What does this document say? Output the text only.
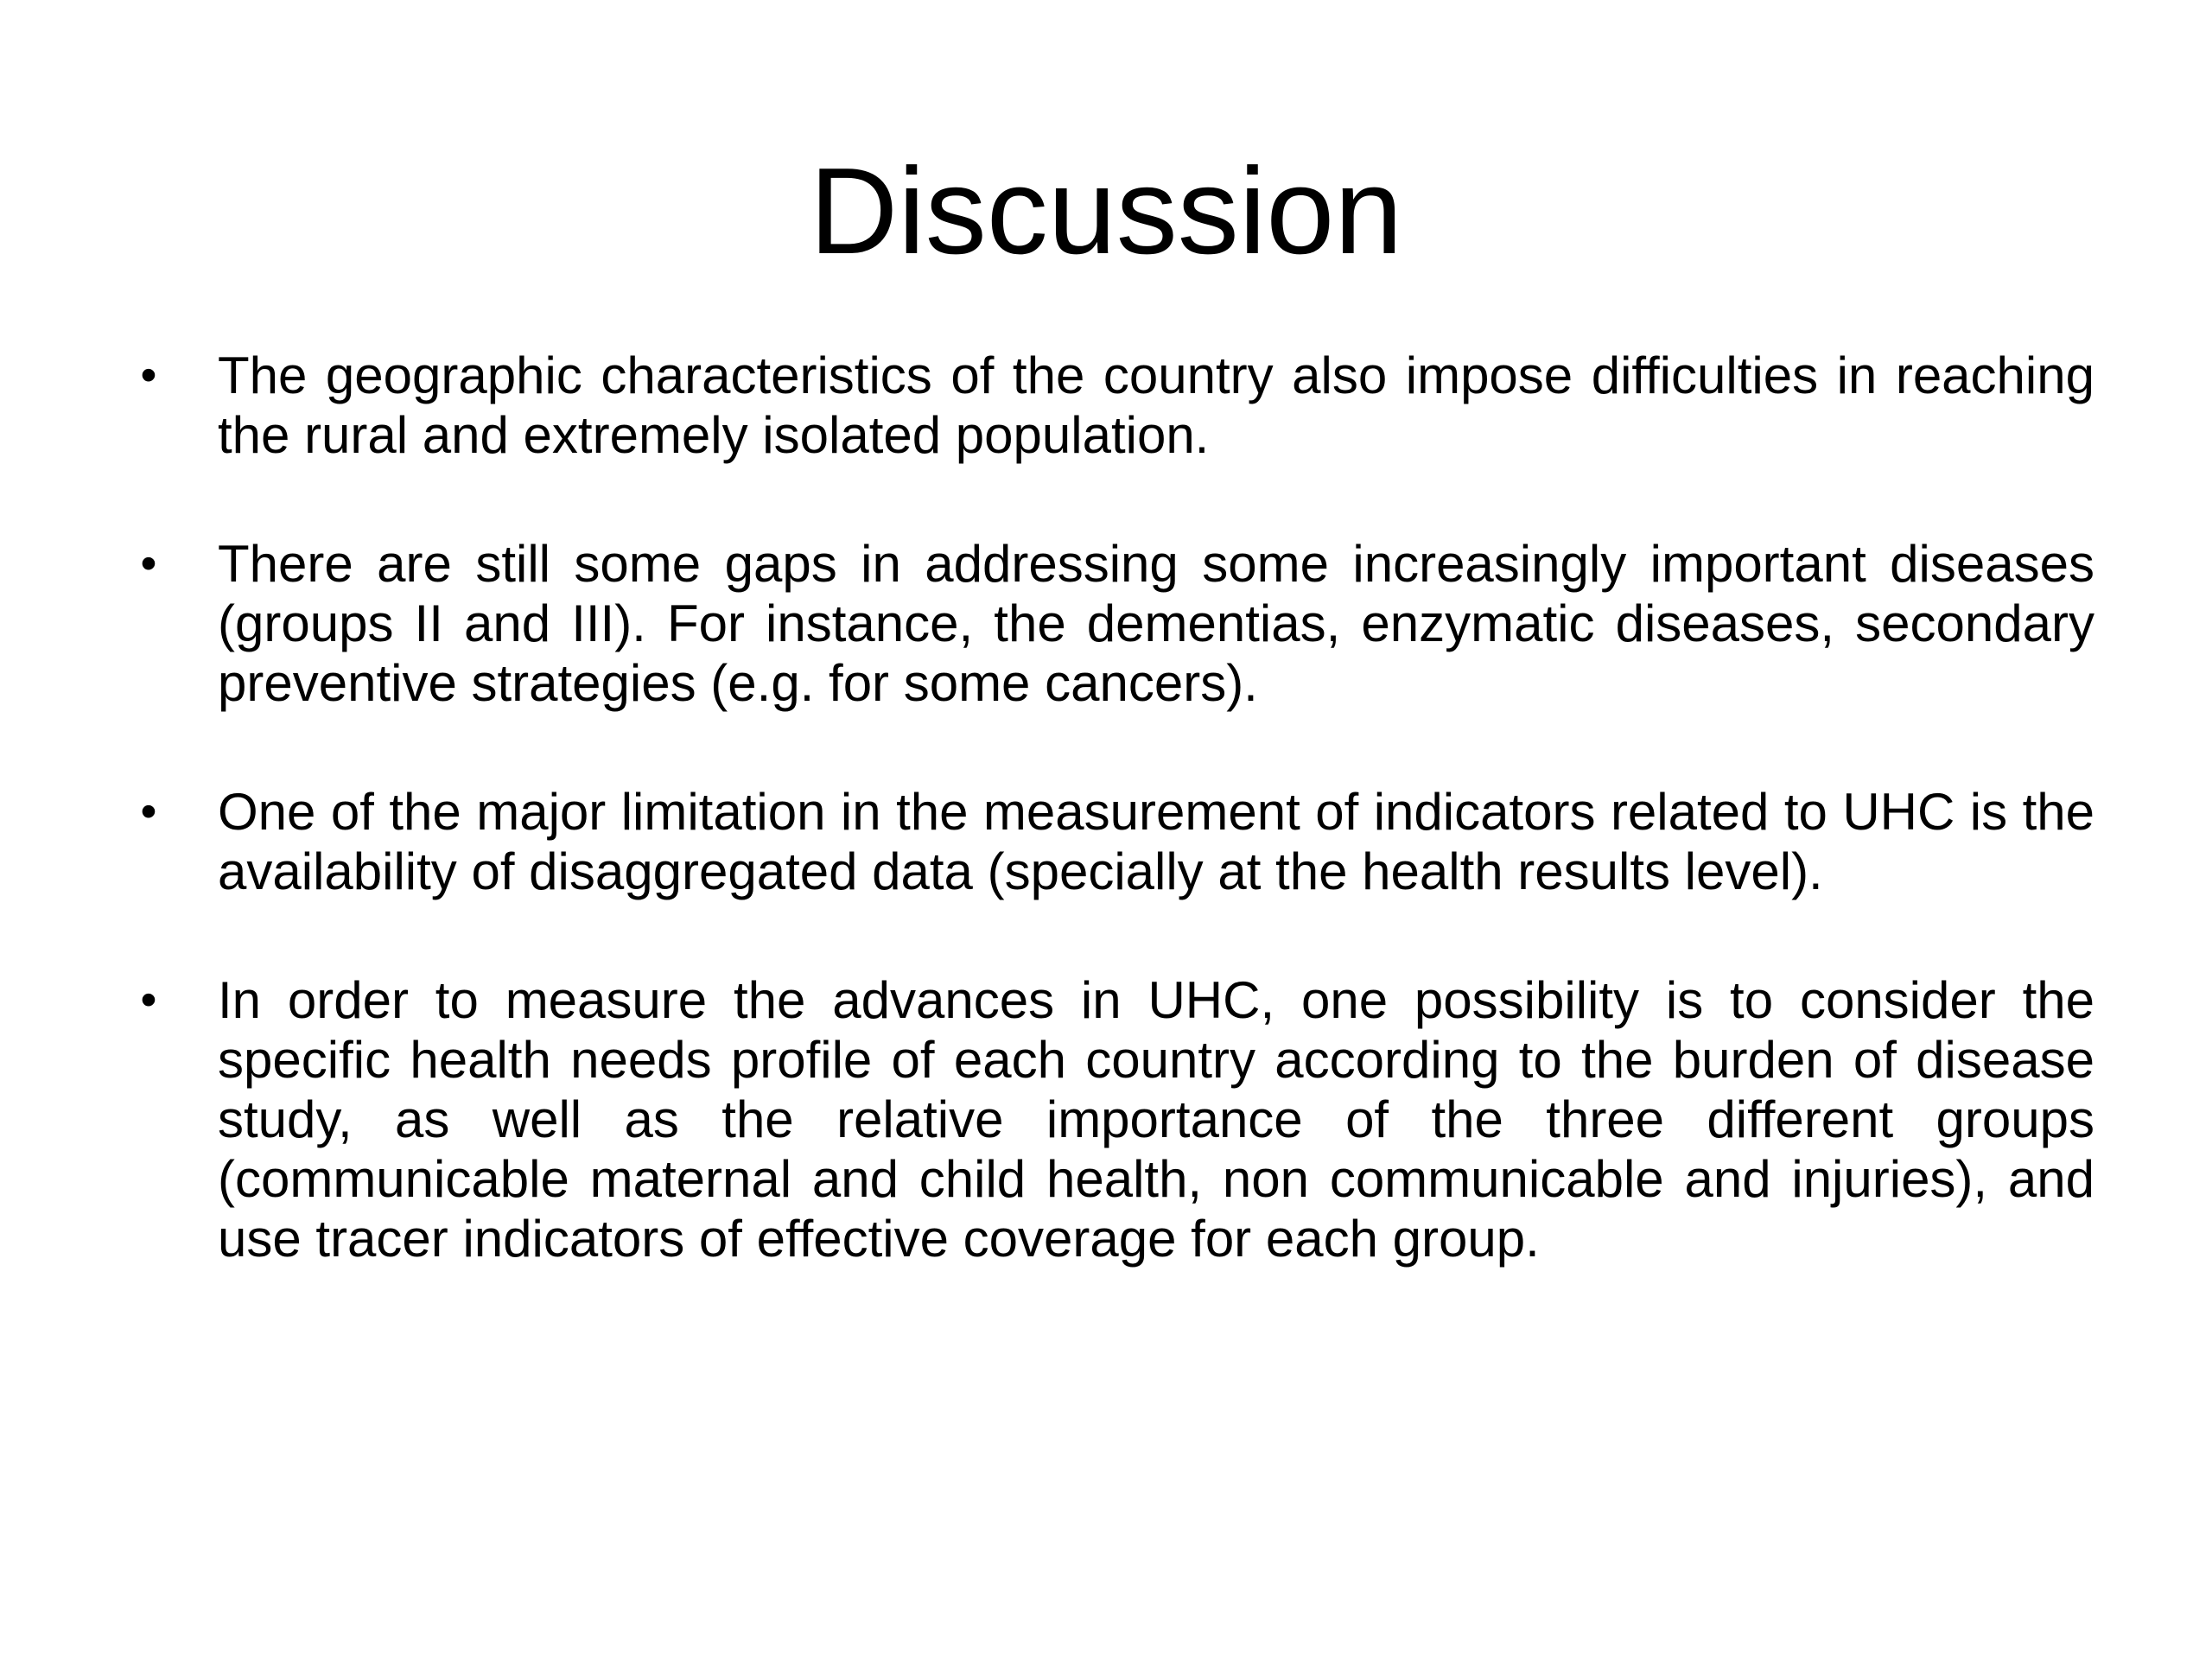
Discussion
• The geographic characteristics of the country also impose difficulties in reaching the rural and extremely isolated population.
• There are still some gaps in addressing some increasingly important diseases (groups II and III). For instance, the dementias, enzymatic diseases, secondary preventive strategies (e.g. for some cancers).
• One of the major limitation in the measurement of indicators related to UHC is the availability of disaggregated data (specially at the health results level).
• In order to measure the advances in UHC, one possibility is to consider the specific health needs profile of each country according to the burden of disease study, as well as the relative importance of the three different groups (communicable maternal and child health, non communicable and injuries), and use tracer indicators of effective coverage for each group.
